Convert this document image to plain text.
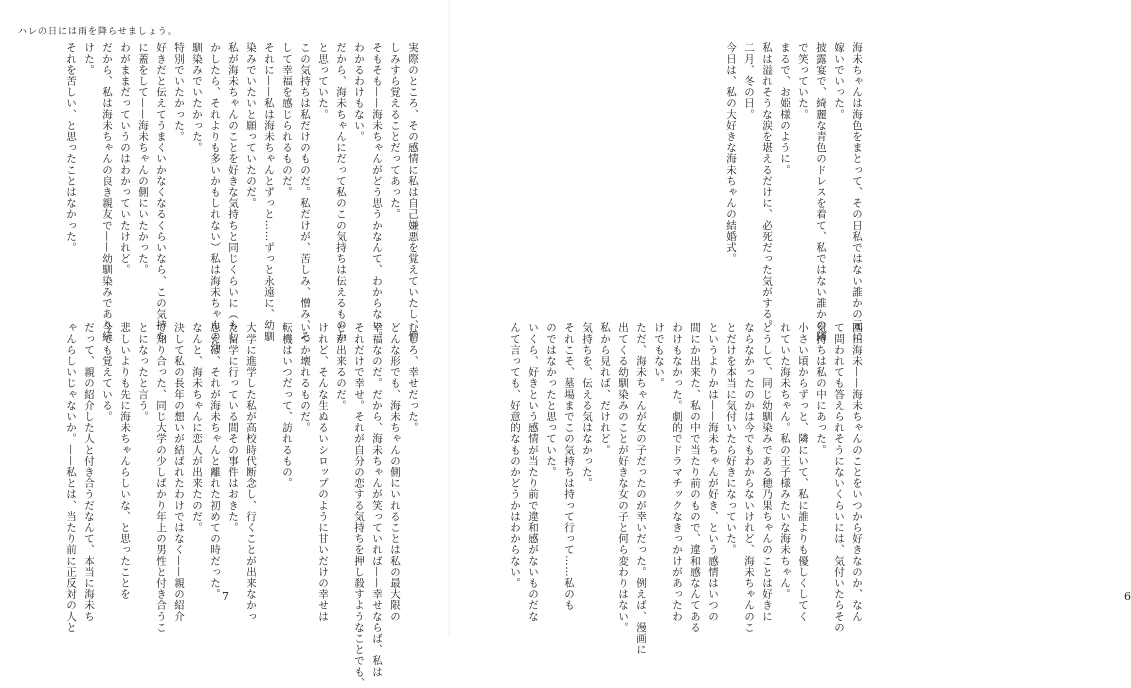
ハレの日には雨を降らせましょう。

実際のところ、その感情に私は自己嫌悪を覚えていたし、憎

しみすら覚えることだってあった。

そもそも——海未ちゃんがどう思うかなんて、わからない。

わかるわけもない。

だから、海未ちゃんにだって私のこの気持ちは伝えるものか

と思っていた。

この気持ちは私だけのものだ。私だけが、苦しみ、憎み、そ

して幸福を感じられるものだ。

それに——私は海未ちゃんとずっと……ずっと永遠に、幼馴

染みでいたいと願っていたのだ。

私が海未ちゃんのことを好きな気持ちと同じくらいに（もし

かしたら、それよりも多いかもしれない）私は海未ちゃんの幼

馴染みでいたかった。

特別でいたかった。

好きだと伝えてうまくいかなくなるくらいなら、この気持ち

に蓋をして——海未ちゃんの側にいたかった。

わがままだっていうのはわかっていたけれど。

だから、私は海未ちゃんの良き親友で——幼馴染みであり続

けた。

それを苦しい、と思ったことはなかった。

むしろ、幸せだった。

どんな形でも、海未ちゃんの側にいれることは私の最大限の

幸福なのだ。だから、海未ちゃんが笑っていれば——幸せならば、私は

それだけで幸せ。それが自分の恋する気持ちを押し殺すようなことでも、

とが出来るのだ。

けれど、そんな生ぬるいシロップのように甘いだけの幸せは

いつか壊れるものだ。

転機はいつだって、訪れるもの。

大学に進学した私が高校時代断念し、行くことが出来なかっ

た留学に行っている間その事件はおきた。

思えば、それが海未ちゃんと離れた初めての時だった。

なんと、海未ちゃんに恋人が出来たのだ。

決して私の長年の想いが結ばれたわけではなく——親の紹介

で知り合った、同じ大学の少しばかり年上の男性と付き合うこ

とになったと言う。

悲しいよりも先に海未ちゃんらしいな、と思ったことを

今でも覚えている。

だって、親の紹介した人と付き合うだなんて、本当に海未ち

ゃんらしいじゃないか。——私とは、当たり前に正反対の人と	7

海未ちゃんは海色をまとって、その日私ではない誰かの元に

嫁いでいった。

披露宴で、綺麗な青色のドレスを着て、私ではない誰かの隣

で笑っていた。

まるで、お姫様のように。

私は溢れそうな涙を堪えるだけに、必死だった気がする。

二月、冬の日。

今日は、私の大好きな海未ちゃんの結婚式。

園田海未——海未ちゃんのことをいつから好きなのか、なん

て問われても答えられそうにないくらいには、気付いたらその

気持ちは私の中にあった。

小さい頃からずっと、隣にいて、私に誰よりも優しくしてく

れていた海未ちゃん。私の王子様みたいな海未ちゃん。

どうして、同じ幼馴染みである穂乃果ちゃんのことは好きに

ならなかったのかは今でもわからないけれど、海未ちゃんのこ

とだけを本当に気付いたら好きになっていた。

というよりかは——海未ちゃんが好き、という感情はいつの

間にか出来た、私の中で当たり前のもので、違和感なんてある

わけもなかった。劇的でドラマチックなきっかけがあったわ

けでもない。

ただ、海未ちゃんが女の子だったのが幸いだった。例えば、漫画に

出てくる幼馴染みのことが好きな女の子と何ら変わりはない。

私から見れば、だけれど。

気持ちを、伝える気はなかった。

それこそ、墓場までこの気持ちは持って行って……私のも

のではなかったと思っていた。

いくら、好きという感情が当たり前で違和感がないものだな

んて言っても、好意的なものかどうかはわからない。

6
